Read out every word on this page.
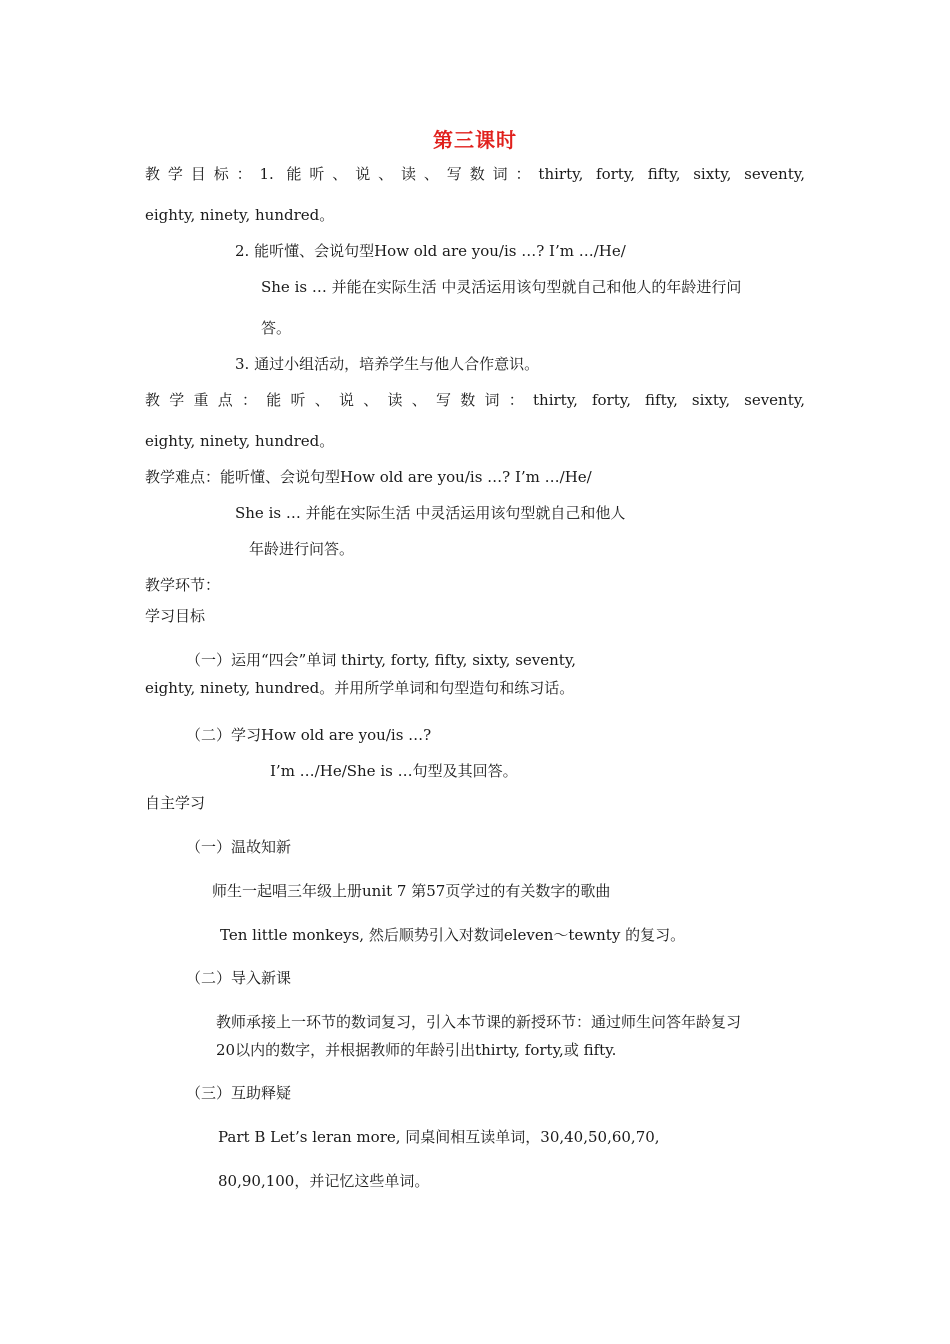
第三课时
教学目标：1. 能听、说、读、写数词：thirty, forty, fifty, sixty, seventy,
eighty, ninety, hundred。
2. 能听懂、会说句型How old are you/is …? I’m …/He/
She is … 并能在实际生活 中灵活运用该句型就自己和他人的年龄进行问
答。
3. 通过小组活动，培养学生与他人合作意识。
教学重点：能听、说、读、写数词：thirty, forty, fifty, sixty, seventy,
eighty, ninety, hundred。
教学难点：能听懂、会说句型How old are you/is …? I’m …/He/
She is … 并能在实际生活 中灵活运用该句型就自己和他人
年龄进行问答。
教学环节：
学习目标
（一）运用“四会”单词 thirty, forty, fifty, sixty, seventy,
eighty, ninety, hundred。并用所学单词和句型造句和练习话。
（二）学习How old are you/is …?
I’m …/He/She is …句型及其回答。
自主学习
（一）温故知新
师生一起唱三年级上册unit 7 第57页学过的有关数字的歌曲
Ten little monkeys, 然后顺势引入对数词eleven～tewnty 的复习。
（二）导入新课
教师承接上一环节的数词复习，引入本节课的新授环节：通过师生问答年龄复习
20以内的数字，并根据教师的年龄引出thirty, forty,或 fifty.
（三）互助释疑
Part B Let’s leran more, 同桌间相互读单词，30,40,50,60,70,
80,90,100，并记忆这些单词。
